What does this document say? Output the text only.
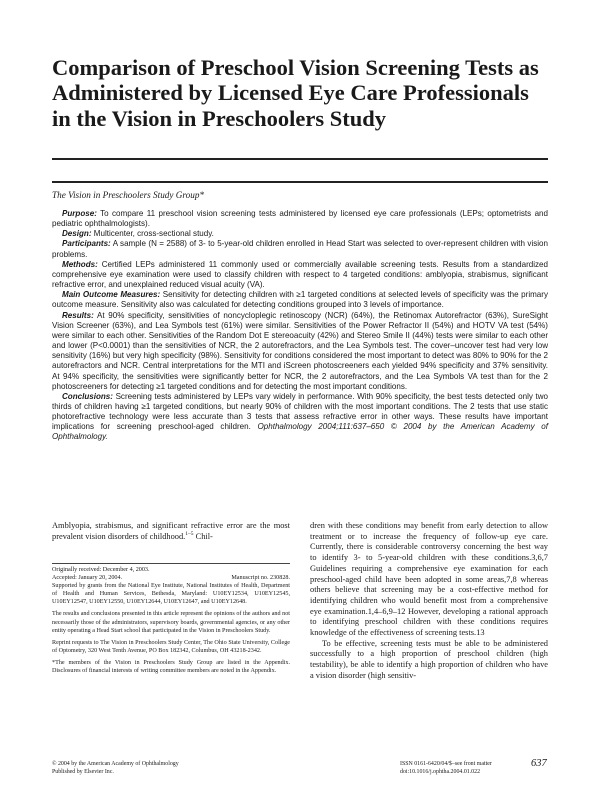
Comparison of Preschool Vision Screening Tests as Administered by Licensed Eye Care Professionals in the Vision in Preschoolers Study
The Vision in Preschoolers Study Group*

Purpose: To compare 11 preschool vision screening tests administered by licensed eye care professionals (LEPs; optometrists and pediatric ophthalmologists).

Design: Multicenter, cross-sectional study.

Participants: A sample (N = 2588) of 3- to 5-year-old children enrolled in Head Start was selected to over-represent children with vision problems.

Methods: Certified LEPs administered 11 commonly used or commercially available screening tests. Results from a standardized comprehensive eye examination were used to classify children with respect to 4 targeted conditions: amblyopia, strabismus, significant refractive error, and unexplained reduced visual acuity (VA).

Main Outcome Measures: Sensitivity for detecting children with ≥1 targeted conditions at selected levels of specificity was the primary outcome measure. Sensitivity also was calculated for detecting conditions grouped into 3 levels of importance.

Results: At 90% specificity, sensitivities of noncycloplegic retinoscopy (NCR) (64%), the Retinomax Autorefractor (63%), SureSight Vision Screener (63%), and Lea Symbols test (61%) were similar. Sensitivities of the Power Refractor II (54%) and HOTV VA test (54%) were similar to each other. Sensitivities of the Random Dot E stereoacuity (42%) and Stereo Smile II (44%) tests were similar to each other and lower (P<0.0001) than the sensitivities of NCR, the 2 autorefractors, and the Lea Symbols test. The cover–uncover test had very low sensitivity (16%) but very high specificity (98%). Sensitivity for conditions considered the most important to detect was 80% to 90% for the 2 autorefractors and NCR. Central interpretations for the MTI and iScreen photoscreeners each yielded 94% specificity and 37% sensitivity. At 94% specificity, the sensitivities were significantly better for NCR, the 2 autorefractors, and the Lea Symbols VA test than for the 2 photoscreeners for detecting ≥1 targeted conditions and for detecting the most important conditions.

Conclusions: Screening tests administered by LEPs vary widely in performance. With 90% specificity, the best tests detected only two thirds of children having ≥1 targeted conditions, but nearly 90% of children with the most important conditions. The 2 tests that use static photorefractive technology were less accurate than 3 tests that assess refractive error in other ways. These results have important implications for screening preschool-aged children. Ophthalmology 2004;111:637–650 © 2004 by the American Academy of Ophthalmology.

Amblyopia, strabismus, and significant refractive error are the most prevalent vision disorders of childhood.$^{1-5}$ Chil-

Originally received: December 4, 2003.

Accepted: January 20, 2004.	Manuscript no. 230828.

Supported by grants from the National Eye Institute, National Institutes of Health, Department of Health and Human Services, Bethesda, Maryland: U10EY12534, U10EY12545, U10EY12547, U10EY12550, U10EY12644, U10EY12647, and U10EY12648.

The results and conclusions presented in this article represent the opinions of the authors and not necessarily those of the administrators, supervisory boards, governmental agencies, or any other entity operating a Head Start school that participated in the Vision in Preschoolers Study.

Reprint requests to The Vision in Preschoolers Study Center, The Ohio State University, College of Optometry, 320 West Tenth Avenue, PO Box 182342, Columbus, OH 43218-2342.

*The members of the Vision in Preschoolers Study Group are listed in the Appendix. Disclosures of financial interests of writing committee members are noted in the Appendix.

dren with these conditions may benefit from early detection to allow treatment or to increase the frequency of follow-up eye care. Currently, there is considerable controversy concerning the best way to identify 3- to 5-year-old children with these conditions.3,6,7 Guidelines requiring a comprehensive eye examination for each preschool-aged child have been adopted in some areas,7,8 whereas others believe that screening may be a cost-effective method for identifying children who would benefit most from a comprehensive eye examination.1,4–6,9–12 However, developing a rational approach to identifying preschool children with these conditions requires knowledge of the effectiveness of screening tests.13

To be effective, screening tests must be able to be administered successfully to a high proportion of preschool children (high testability), be able to identify a high proportion of children who have a vision disorder (high sensitiv-

© 2004 by the American Academy of Ophthalmology
Published by Elsevier Inc.
ISSN 0161-6420/04/$–see front matter
doi:10.1016/j.ophtha.2004.01.022
637
